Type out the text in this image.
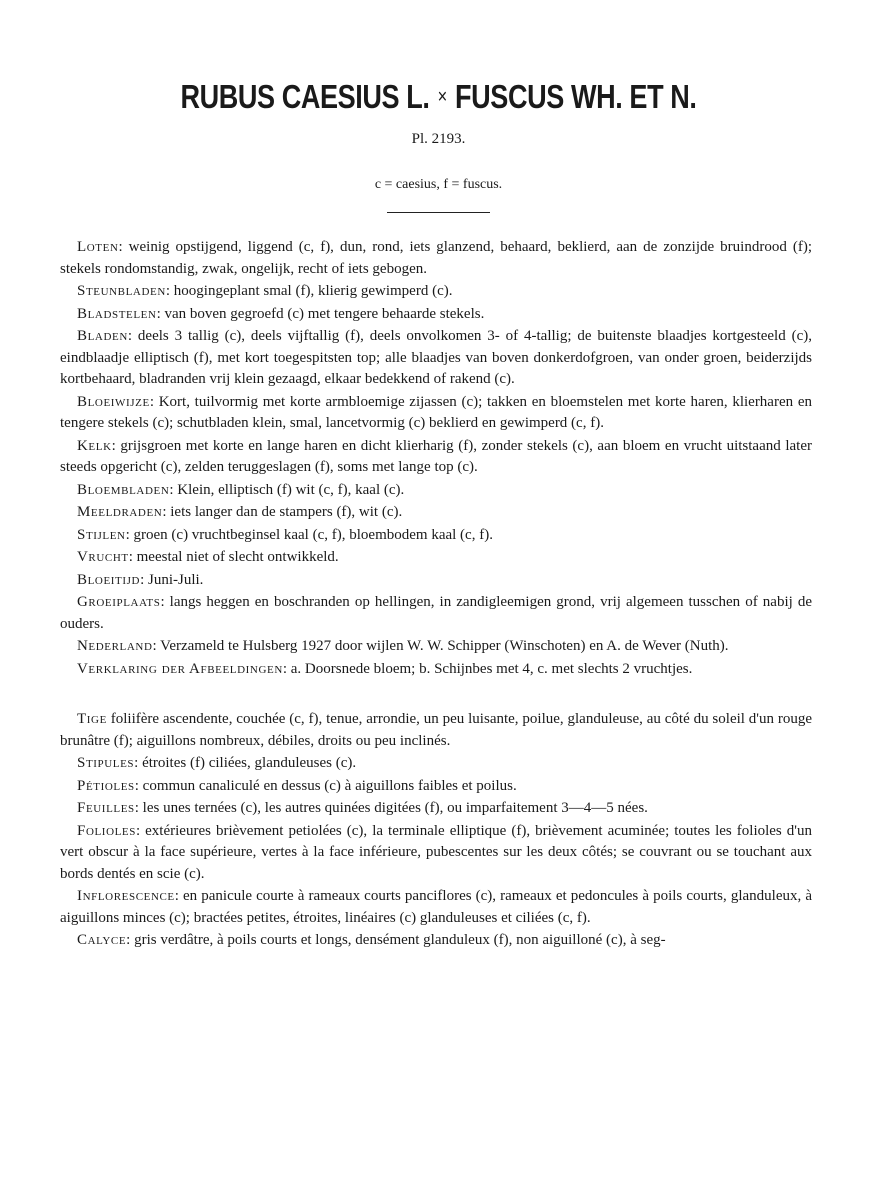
RUBUS CAESIUS L. × FUSCUS WH. ET N.
Pl. 2193.
c = caesius, f = fuscus.

Loten: weinig opstijgend, liggend (c, f), dun, rond, iets glanzend, behaard, beklierd, aan de zonzijde bruindrood (f); stekels rondomstandig, zwak, ongelijk, recht of iets gebogen.

Steunbladen: hoogingeplant smal (f), klierig gewimperd (c).

Bladstelen: van boven gegroefd (c) met tengere behaarde stekels.

Bladen: deels 3 tallig (c), deels vijftallig (f), deels onvolkomen 3- of 4-tallig; de buitenste blaadjes kortgesteeld (c), eindblaadje elliptisch (f), met kort toegespitsten top; alle blaadjes van boven donkerdofgroen, van onder groen, beiderzijds kortbehaard, bladranden vrij klein gezaagd, elkaar bedekkend of rakend (c).

Bloeiwijze: Kort, tuilvormig met korte armbloemige zijassen (c); takken en bloemstelen met korte haren, klierharen en tengere stekels (c); schutbladen klein, smal, lancetvormig (c) beklierd en gewimperd (c, f).

Kelk: grijsgroen met korte en lange haren en dicht klierharig (f), zonder stekels (c), aan bloem en vrucht uitstaand later steeds opgericht (c), zelden teruggeslagen (f), soms met lange top (c).

Bloembladen: Klein, elliptisch (f) wit (c, f), kaal (c).

Meeldraden: iets langer dan de stampers (f), wit (c).

Stijlen: groen (c) vruchtbeginsel kaal (c, f), bloembodem kaal (c, f).

Vrucht: meestal niet of slecht ontwikkeld.

Bloeitijd: Juni-Juli.

Groeiplaats: langs heggen en boschranden op hellingen, in zandigleemigen grond, vrij algemeen tusschen of nabij de ouders.

Nederland: Verzameld te Hulsberg 1927 door wijlen W. W. Schipper (Winschoten) en A. de Wever (Nuth).

Verklaring der Afbeeldingen: a. Doorsnede bloem; b. Schijnbes met 4, c. met slechts 2 vruchtjes.

Tige foliifère ascendente, couchée (c, f), tenue, arrondie, un peu luisante, poilue, glanduleuse, au côté du soleil d'un rouge brunâtre (f); aiguillons nombreux, débiles, droits ou peu inclinés.

Stipules: étroites (f) ciliées, glanduleuses (c).

Pétioles: commun canaliculé en dessus (c) à aiguillons faibles et poilus.

Feuilles: les unes ternées (c), les autres quinées digitées (f), ou imparfaitement 3—4—5 nées.

Folioles: extérieures brièvement petiolées (c), la terminale elliptique (f), brièvement acuminée; toutes les folioles d'un vert obscur à la face supérieure, vertes à la face inférieure, pubescentes sur les deux côtés; se couvrant ou se touchant aux bords dentés en scie (c).

Inflorescence: en panicule courte à rameaux courts panciflores (c), rameaux et pedoncules à poils courts, glanduleux, à aiguillons minces (c); bractées petites, étroites, linéaires (c) glanduleuses et ciliées (c, f).

Calyce: gris verdâtre, à poils courts et longs, densément glanduleux (f), non aiguilloné (c), à seg-
